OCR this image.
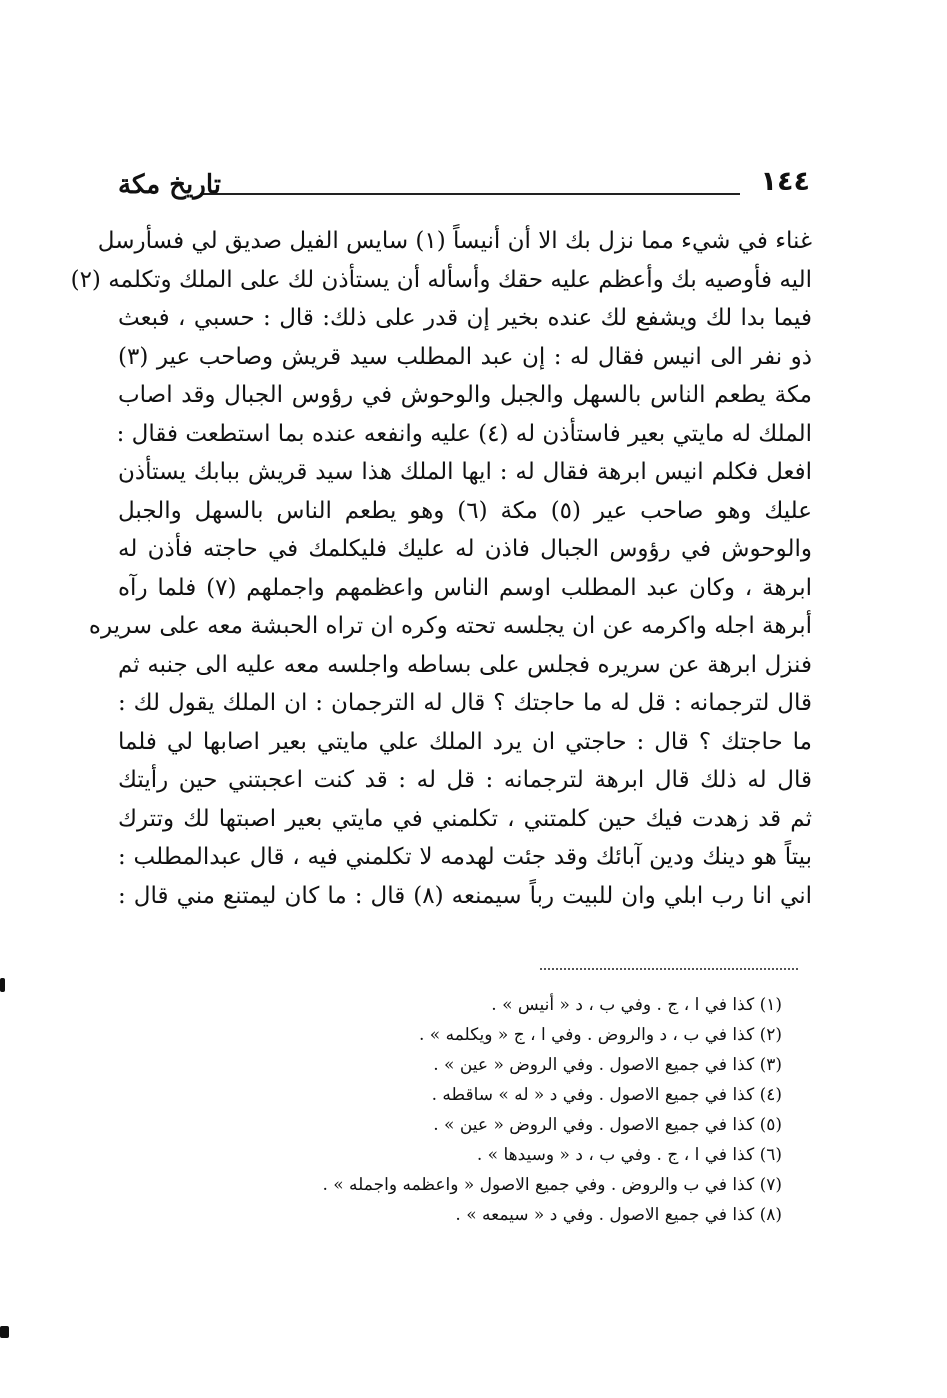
١٤٤
تاريخ مكة
غناء في شيء مما نزل بك الا أن أنيساً (١) سايس الفيل صديق لي فسأرسل
اليه فأوصيه بك وأعظم عليه حقك وأسأله أن يستأذن لك على الملك وتكلمه (٢)
فيما بدا لك ويشفع لك عنده بخير إن قدر على ذلك: قال : حسبي ، فبعث
ذو نفر الى انيس فقال له : إن عبد المطلب سيد قريش وصاحب عير (٣)
مكة يطعم الناس بالسهل والجبل والوحوش في رؤوس الجبال وقد اصاب
الملك له مايتي بعير فاستأذن له (٤) عليه وانفعه عنده بما استطعت فقال :
افعل فكلم انيس ابرهة فقال له : ايها الملك هذا سيد قريش ببابك يستأذن
عليك وهو صاحب عير (٥) مكة (٦) وهو يطعم الناس بالسهل والجبل
والوحوش في رؤوس الجبال فاذن له عليك فليكلمك في حاجته فأذن له
ابرهة ، وكان عبد المطلب اوسم الناس واعظمهم واجملهم (٧) فلما رآه
أبرهة اجله واكرمه عن ان يجلسه تحته وكره ان تراه الحبشة معه على سريره
فنزل ابرهة عن سريره فجلس على بساطه واجلسه معه عليه الى جنبه ثم
قال لترجمانه : قل له ما حاجتك ؟ قال له الترجمان : ان الملك يقول لك :
ما حاجتك ؟ قال : حاجتي ان يرد الملك علي مايتي بعير اصابها لي فلما
قال له ذلك قال ابرهة لترجمانه : قل له : قد كنت اعجبتني حين رأيتك
ثم قد زهدت فيك حين كلمتني ، تكلمني في مايتي بعير اصبتها لك وتترك
بيتاً هو دينك ودين آبائك وقد جئت لهدمه لا تكلمني فيه ، قال عبدالمطلب :
اني انا رب ابلي وان للبيت رباً سيمنعه (٨) قال : ما كان ليمتنع مني قال :
(١) كذا في ا ، ج . وفي ب ، د « أنيس » .
(٢) كذا في ب ، د والروض . وفي ا ، ج « ويكلمه » .
(٣) كذا في جميع الاصول . وفي الروض « عين » .
(٤) كذا في جميع الاصول . وفي د « له » ساقطه .
(٥) كذا في جميع الاصول . وفي الروض « عين » .
(٦) كذا في ا ، ج . وفي ب ، د « وسيدها » .
(٧) كذا في ب والروض . وفي جميع الاصول « واعظمه واجمله » .
(٨) كذا في جميع الاصول . وفي د « سيمعه » .
